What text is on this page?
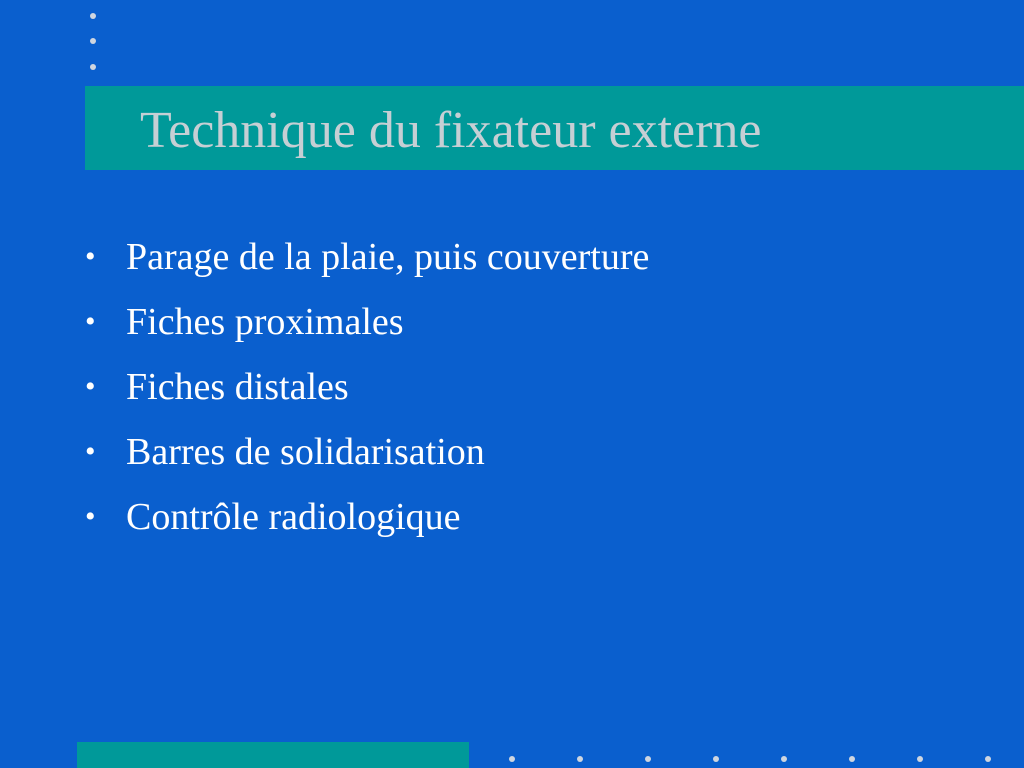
Technique du fixateur externe
• Parage de la plaie, puis couverture
• Fiches proximales
• Fiches distales
• Barres de solidarisation
• Contrôle radiologique
